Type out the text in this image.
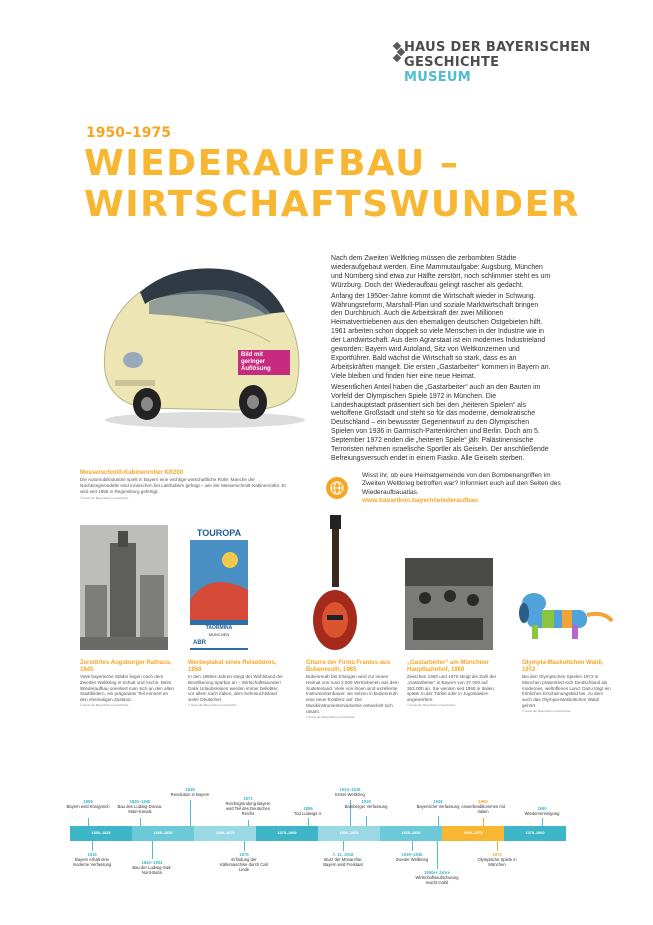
HAUS DER BAYERISCHEN
GESCHICHTE
MUSEUM
1950–1975
WIEDERAUFBAU –
WIRTSCHAFTSWUNDER
Bild mit geringer Auflösung

Nach dem Zweiten Weltkrieg müssen die zerbombten Städte wiederaufgebaut werden. Eine Mammutaufgabe: Augsburg, München und Nürnberg sind etwa zur Hälfte zerstört, noch schlimmer steht es um Würzburg. Doch der Wiederaufbau gelingt rascher als gedacht.

Anfang der 1950er-Jahre kommt die Wirtschaft wieder in Schwung. Währungsreform, Marshall-Plan und soziale Marktwirtschaft bringen den Durchbruch. Auch die Arbeitskraft der zwei Millionen Heimatvertriebenen aus den ehemaligen deutschen Ostgebieten hilft. 1961 arbeiten schon doppelt so viele Menschen in der Industrie wie in der Landwirtschaft. Aus dem Agrarstaat ist ein modernes Industrieland geworden: Bayern wird Autoland, Sitz von Weltkonzernen und Exportführer. Bald wächst die Wirtschaft so stark, dass es an Arbeitskräften mangelt. Die ersten „Gastarbeiter“ kommen in Bayern an. Viele bleiben und finden hier eine neue Heimat.

Wesentlichen Anteil haben die „Gastarbeiter“ auch an den Bauten im Vorfeld der Olympischen Spiele 1972 in München. Die Landeshauptstadt präsentiert sich bei den „heiteren Spielen“ als weltoffene Großstadt und steht so für das moderne, demokratische Deutschland – ein bewusster Gegenentwurf zu den Olympischen Spielen von 1936 in Garmisch-Partenkirchen und Berlin. Doch am 5. September 1972 enden die „heiteren Spiele“ jäh: Palästinensische Terroristen nehmen israelische Sportler als Geiseln. Der anschließende Befreiungsversuch endet in einem Fiasko. Alle Geiseln sterben.

Messerschmitt-Kabinenroller KR200
Die Automobilindustrie spielt in Bayern eine wichtige wirtschaftliche Rolle. Manche der Nachkriegsmodelle sind inzwischen bei Liebhabern gefragt – wie der Messerschmitt-Kabinenroller. Er wird seit 1955 in Regensburg gefertigt.
© Haus der Bayerischen Geschichte
Wisst ihr, ob eure Heimatgemeinde von den Bombenangriffen im Zweiten Weltkrieg betroffen war? Informiert euch auf den Seiten des Wiederaufbauatlas.
www.bavarikon.bayern/wiederaufbau
TOUROPA
TAORMINA
MÜNCHEN
ABR
Zerstörtes Augsburger Rathaus, 1945
Viele bayerische Städte liegen nach dem Zweiten Weltkrieg in Schutt und Asche. Beim Wiederaufbau orientiert man sich an den alten Stadtbildern, ein prägnanter Teil erinnert an den ehemaligen Zustand.
© Haus der Bayerischen Geschichte
Werbeplakat eines Reisebüros, 1958
In den 1950er-Jahren steigt der Wohlstand der Bevölkerung spürbar an – Wirtschaftswunder! Dank Urlaubsreisen werden immer beliebter, vor allem nach Italien, dem Sehnsuchtsland vieler Deutscher.
© Haus der Bayerischen Geschichte
Gitarre der Firma Framus aus Bubenreuth, 1965
Bubenreuth bei Erlangen wird zur neuen Heimat von rund 2.000 Vertriebenen aus dem Sudetenland. Viele von ihnen sind exzellente Instrumentenbauer; sie setzen in Bubenreuth eine neue Existenz auf. Die Musikinstrumentenindustrie entwickelt sich rasant.
© Haus der Bayerischen Geschichte
„Gastarbeiter“ am Münchner Hauptbahnhof, 1960
Zwischen 1960 und 1970 steigt die Zahl der „Gastarbeiter“ in Bayern von 37.000 auf 353.000 an. Sie werden seit 1955 in Italien, später in der Türkei oder in Jugoslawien angeworben.
© Haus der Bayerischen Geschichte
Olympia-Maskottchen Waldi, 1972
Bei den Olympischen Spielen 1972 in München präsentiert sich Deutschland als modernes, weltoffenes Land. Dazu trägt ein fröhliches Erscheinungsbild bei, zu dem auch das Olympia-Maskottchen Waldi gehört.
© Haus der Bayerischen Geschichte
1800–1825	1825–1850	1850–1875	1875–1900	1900–1925	1925–1950	1950–1975	1975–2000
1806
Bayern wird Königreich
1835–1845
Bau des Ludwig-Donau-Main-Kanals
1848
Revolution in Bayern
1871
Reichsgründung Bayern wird Teil des Deutschen Reichs
1886
Tod Ludwigs II.
1914–1918
Erster Weltkrieg
1919
Bamberger Verfassung
1946
Bayerische Verfassung
1955
Anwerbeabkommen mit Italien
1990
Wiedervereinigung
1818
Bayern erhält eine moderne Verfassung	1843–1854
Bau der Ludwig-Süd-Nord-Bahn
1876
Erfindung der Kältemaschine durch Carl Linde
7. 11. 1918
Sturz der Monarchie, Bayern wird Freistaat
1939–1945
Zweiter Weltkrieg
1950er-Jahre
Wirtschaftsaufschwung macht mobil
1972
Olympische Spiele in München
